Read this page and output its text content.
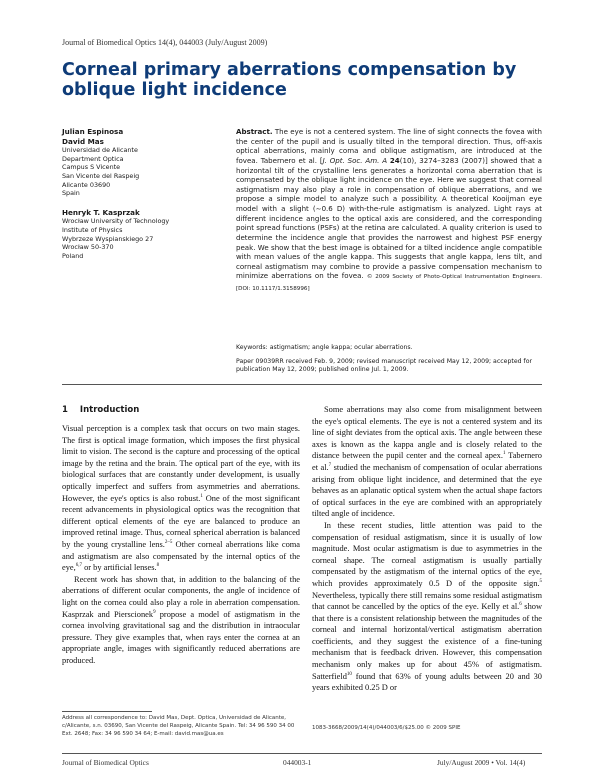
Journal of Biomedical Optics 14(4), 044003 (July/August 2009)
Corneal primary aberrations compensation by oblique light incidence
Julian Espinosa
David Mas
Universidad de Alicante
Department Optica
Campus S Vicente
San Vicente del Raspeig
Alicante 03690
Spain
Henryk T. Kasprzak
Wrocław University of Technology
Institute of Physics
Wybrzeze Wyspianskiego 27
Wrocław 50-370
Poland
Abstract. The eye is not a centered system. The line of sight connects the fovea with the center of the pupil and is usually tilted in the temporal direction. Thus, off-axis optical aberrations, mainly coma and oblique astigmatism, are introduced at the fovea. Tabernero et al. [J. Opt. Soc. Am. A 24(10), 3274–3283 (2007)] showed that a horizontal tilt of the crystalline lens generates a horizontal coma aberration that is compensated by the oblique light incidence on the eye. Here we suggest that corneal astigmatism may also play a role in compensation of oblique aberrations, and we propose a simple model to analyze such a possibility. A theoretical Kooijman eye model with a slight (∼0.6 D) with-the-rule astigmatism is analyzed. Light rays at different incidence angles to the optical axis are considered, and the corresponding point spread functions (PSFs) at the retina are calculated. A quality criterion is used to determine the incidence angle that provides the narrowest and highest PSF energy peak. We show that the best image is obtained for a tilted incidence angle compatible with mean values of the angle kappa. This suggests that angle kappa, lens tilt, and corneal astigmatism may combine to provide a passive compensation mechanism to minimize aberrations on the fovea. © 2009 Society of Photo-Optical Instrumentation Engineers. [DOI: 10.1117/1.3158996]
Keywords: astigmatism; angle kappa; ocular aberrations.
Paper 09039RR received Feb. 9, 2009; revised manuscript received May 12, 2009; accepted for publication May 12, 2009; published online Jul. 1, 2009.
1 Introduction

Visual perception is a complex task that occurs on two main stages. The first is optical image formation, which imposes the first physical limit to vision. The second is the capture and processing of the optical image by the retina and the brain. The optical part of the eye, with its biological surfaces that are constantly under development, is usually optically imperfect and suffers from asymmetries and aberrations. However, the eye's optics is also robust.$^1$ One of the most significant recent advancements in physiological optics was the recognition that different optical elements of the eye are balanced to produce an improved retinal image. Thus, corneal spherical aberration is balanced by the young crystalline lens.$^{2-5}$ Other corneal aberrations like coma and astigmatism are also compensated by the internal optics of the eye,$^{6,7}$ or by artificial lenses.$^8$

Recent work has shown that, in addition to the balancing of the aberrations of different ocular components, the angle of incidence of light on the cornea could also play a role in aberration compensation. Kasprzak and Pierscionek$^9$ propose a model of astigmatism in the cornea involving gravitational sag and the distribution in intraocular pressure. They give examples that, when rays enter the cornea at an appropriate angle, images with significantly reduced aberrations are produced.

Some aberrations may also come from misalignment between the eye's optical elements. The eye is not a centered system and its line of sight deviates from the optical axis. The angle between these axes is known as the kappa angle and is closely related to the distance between the pupil center and the corneal apex.$^1$ Tabernero et al.$^7$ studied the mechanism of compensation of ocular aberrations arising from oblique light incidence, and determined that the eye behaves as an aplanatic optical system when the actual shape factors of optical surfaces in the eye are combined with an appropriately tilted angle of incidence.

In these recent studies, little attention was paid to the compensation of residual astigmatism, since it is usually of low magnitude. Most ocular astigmatism is due to asymmetries in the corneal shape. The corneal astigmatism is usually partially compensated by the astigmatism of the internal optics of the eye, which provides approximately 0.5 D of the opposite sign.$^5$ Nevertheless, typically there still remains some residual astigmatism that cannot be cancelled by the optics of the eye. Kelly et al.$^6$ show that there is a consistent relationship between the magnitudes of the corneal and internal horizontal/vertical astigmatism aberration coefficients, and they suggest the existence of a fine-tuning mechanism that is feedback driven. However, this compensation mechanism only makes up for about 45% of astigmatism. Satterfield$^{10}$ found that 63% of young adults between 20 and 30 years exhibited 0.25 D or

Address all correspondence to: David Mas, Dept. Optica, Universidad de Alicante, c/Alicante, s.n. 03690, San Vicente del Raspeig, Alicante Spain. Tel: 34 96 590 34 00 Ext. 2648; Fax: 34 96 590 34 64; E-mail: david.mas@ua.es
1083-3668/2009/14(4)/044003/6/$25.00 © 2009 SPIE
Journal of Biomedical Optics	044003-1	July/August 2009 • Vol. 14(4)
